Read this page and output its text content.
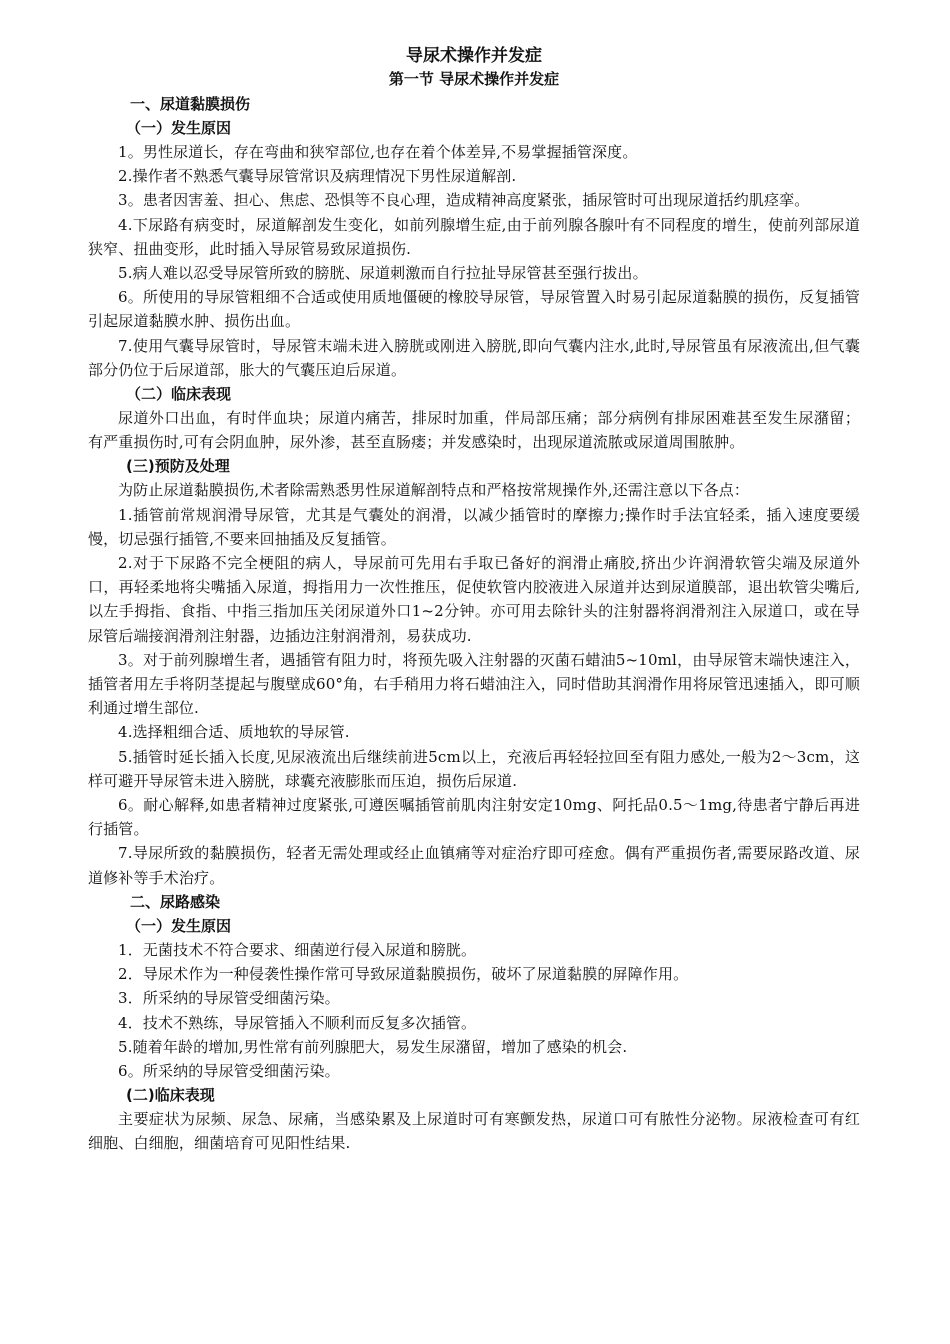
导尿术操作并发症
第一节 导尿术操作并发症
一、尿道黏膜损伤
（一）发生原因

1。男性尿道长，存在弯曲和狭窄部位,也存在着个体差异,不易掌握插管深度。

2.操作者不熟悉气囊导尿管常识及病理情况下男性尿道解剖.

3。患者因害羞、担心、焦虑、恐惧等不良心理，造成精神高度紧张，插尿管时可出现尿道括约肌痉挛。

4.下尿路有病变时，尿道解剖发生变化，如前列腺增生症,由于前列腺各腺叶有不同程度的增生，使前列部尿道狭窄、扭曲变形，此时插入导尿管易致尿道损伤.

5.病人难以忍受导尿管所致的膀胱、尿道刺激而自行拉扯导尿管甚至强行拔出。

6。所使用的导尿管粗细不合适或使用质地僵硬的橡胶导尿管，导尿管置入时易引起尿道黏膜的损伤，反复插管引起尿道黏膜水肿、损伤出血。

7.使用气囊导尿管时，导尿管末端未进入膀胱或刚进入膀胱,即向气囊内注水,此时,导尿管虽有尿液流出,但气囊部分仍位于后尿道部，胀大的气囊压迫后尿道。

（二）临床表现

尿道外口出血，有时伴血块；尿道内痛苦，排尿时加重，伴局部压痛；部分病例有排尿困难甚至发生尿潴留；有严重损伤时,可有会阴血肿，尿外渗，甚至直肠瘘；并发感染时，出现尿道流脓或尿道周围脓肿。

(三)预防及处理

为防止尿道黏膜损伤,术者除需熟悉男性尿道解剖特点和严格按常规操作外,还需注意以下各点：

1.插管前常规润滑导尿管，尤其是气囊处的润滑，以减少插管时的摩擦力;操作时手法宜轻柔，插入速度要缓慢，切忌强行插管,不要来回抽插及反复插管。

2.对于下尿路不完全梗阻的病人，导尿前可先用右手取已备好的润滑止痛胶,挤出少许润滑软管尖端及尿道外口，再轻柔地将尖嘴插入尿道，拇指用力一次性推压，促使软管内胶液进入尿道并达到尿道膜部，退出软管尖嘴后,以左手拇指、食指、中指三指加压关闭尿道外口1~2分钟。亦可用去除针头的注射器将润滑剂注入尿道口，或在导尿管后端接润滑剂注射器，边插边注射润滑剂，易获成功.

3。对于前列腺增生者，遇插管有阻力时，将预先吸入注射器的灭菌石蜡油5~10ml，由导尿管末端快速注入，插管者用左手将阴茎提起与腹壁成60°角，右手稍用力将石蜡油注入，同时借助其润滑作用将尿管迅速插入，即可顺利通过增生部位.

4.选择粗细合适、质地软的导尿管.

5.插管时延长插入长度,见尿液流出后继续前进5cm以上，充液后再轻轻拉回至有阻力感处,一般为2～3cm，这样可避开导尿管未进入膀胱，球囊充液膨胀而压迫，损伤后尿道.

6。耐心解释,如患者精神过度紧张,可遵医嘱插管前肌肉注射安定10mg、阿托品0.5～1mg,待患者宁静后再进行插管。

7.导尿所致的黏膜损伤，轻者无需处理或经止血镇痛等对症治疗即可痊愈。偶有严重损伤者,需要尿路改道、尿道修补等手术治疗。

二、尿路感染
（一）发生原因

1．无菌技术不符合要求、细菌逆行侵入尿道和膀胱。

2．导尿术作为一种侵袭性操作常可导致尿道黏膜损伤，破坏了尿道黏膜的屏障作用。

3．所采纳的导尿管受细菌污染。

4．技术不熟练，导尿管插入不顺利而反复多次插管。

5.随着年龄的增加,男性常有前列腺肥大，易发生尿潴留，增加了感染的机会.

6。所采纳的导尿管受细菌污染。

(二)临床表现

主要症状为尿频、尿急、尿痛，当感染累及上尿道时可有寒颤发热，尿道口可有脓性分泌物。尿液检查可有红细胞、白细胞，细菌培育可见阳性结果.
